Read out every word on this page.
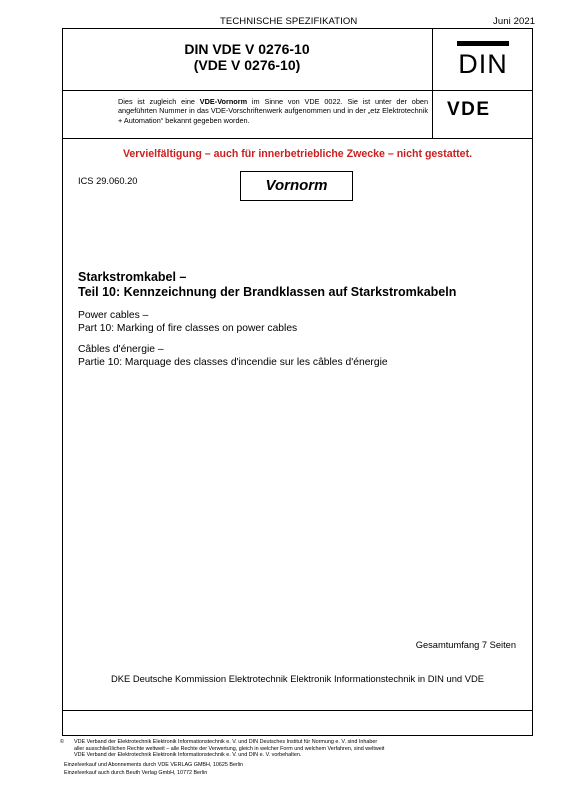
TECHNISCHE SPEZIFIKATION	Juni 2021
DIN VDE V 0276-10
(VDE V 0276-10)	DIN
Dies ist zugleich eine VDE-Vornorm im Sinne von VDE 0022. Sie ist unter der oben angeführten Nummer in das VDE-Vorschriftenwerk aufgenommen und in der „etz Elektrotechnik + Automation“ bekannt gegeben worden.
VDE
Vervielfältigung – auch für innerbetriebliche Zwecke – nicht gestattet.
ICS 29.060.20	Vornorm
Starkstromkabel –
Teil 10: Kennzeichnung der Brandklassen auf Starkstromkabeln
Power cables –
Part 10: Marking of fire classes on power cables
Câbles d'énergie –
Partie 10: Marquage des classes d'incendie sur les câbles d'énergie
Gesamtumfang 7 Seiten
DKE Deutsche Kommission Elektrotechnik Elektronik Informationstechnik in DIN und VDE
©	VDE Verband der Elektrotechnik Elektronik Informationstechnik e. V. und DIN Deutsches Institut für Normung e. V. sind Inhaber
aller ausschließlichen Rechte weltweit – alle Rechte der Verwertung, gleich in welcher Form und welchem Verfahren, sind weltweit
VDE Verband der Elektrotechnik Elektronik Informationstechnik e. V. und DIN e. V. vorbehalten.
Einzelverkauf und Abonnements durch VDE VERLAG GMBH, 10625 Berlin
Einzelverkauf auch durch Beuth Verlag GmbH, 10772 Berlin
